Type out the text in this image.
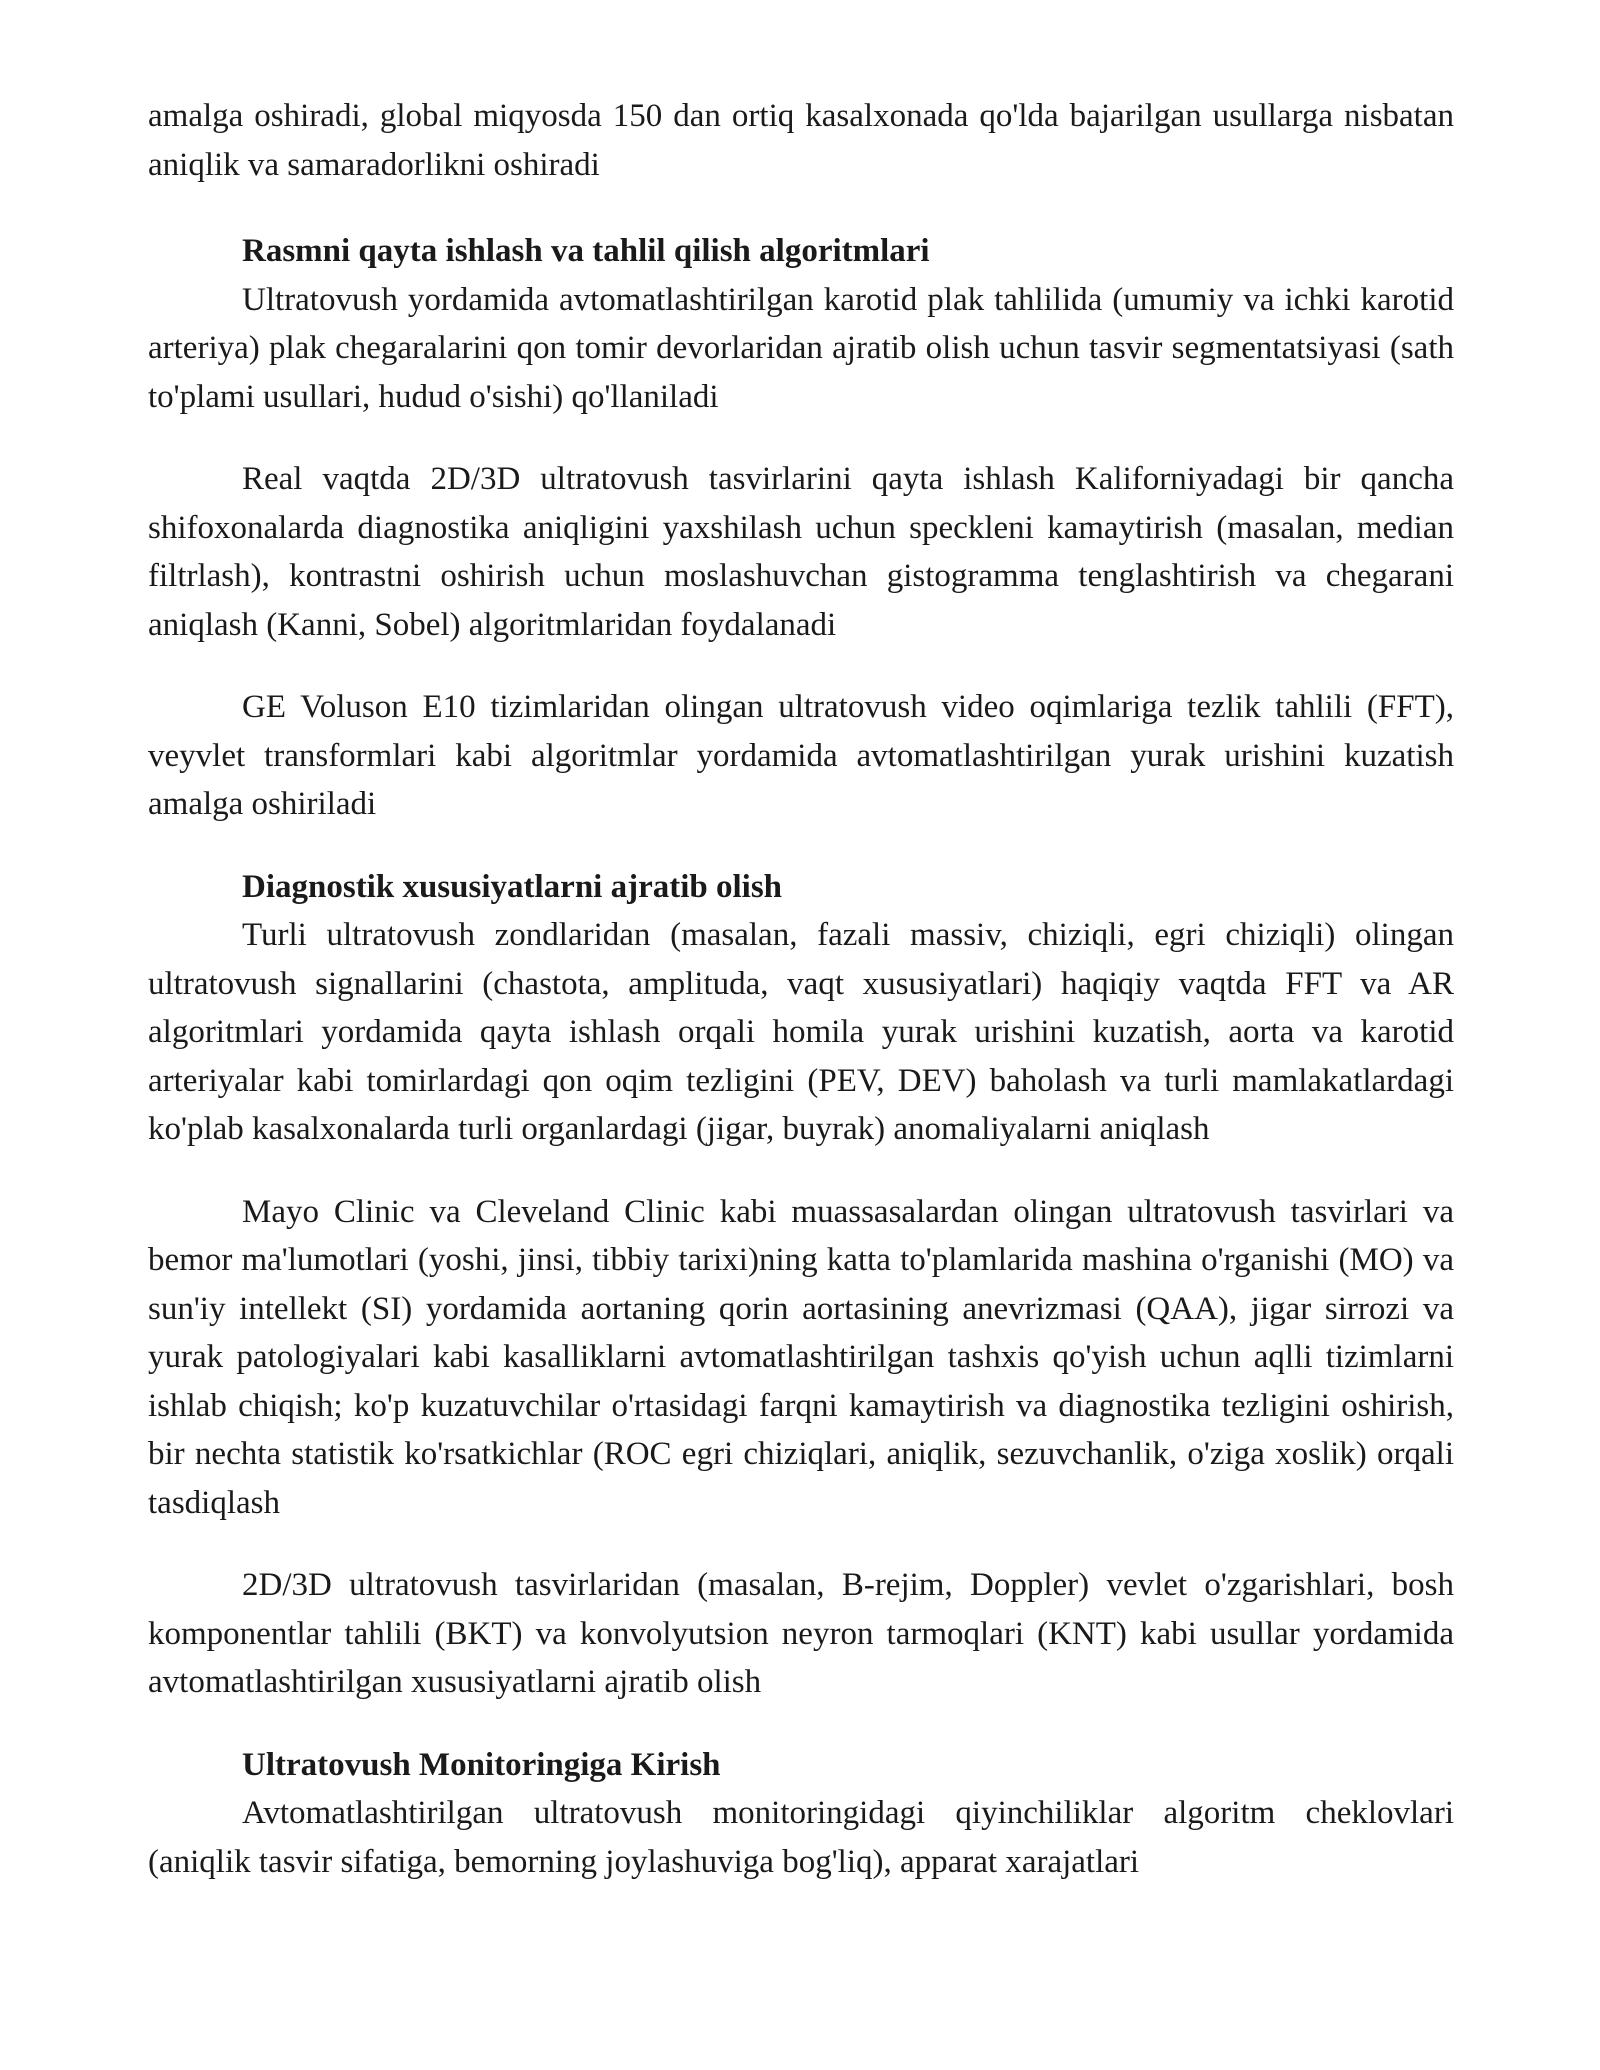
amalga oshiradi, global miqyosda 150 dan ortiq kasalxonada qo'lda bajarilgan usullarga nisbatan aniqlik va samaradorlikni oshiradi

Rasmni qayta ishlash va tahlil qilish algoritmlari

Ultratovush yordamida avtomatlashtirilgan karotid plak tahlilida (umumiy va ichki karotid arteriya) plak chegaralarini qon tomir devorlaridan ajratib olish uchun tasvir segmentatsiyasi (sath to'plami usullari, hudud o'sishi) qo'llaniladi

Real vaqtda 2D/3D ultratovush tasvirlarini qayta ishlash Kaliforniyadagi bir qancha shifoxonalarda diagnostika aniqligini yaxshilash uchun speckleni kamaytirish (masalan, median filtrlash), kontrastni oshirish uchun moslashuvchan gistogramma tenglashtirish va chegarani aniqlash (Kanni, Sobel) algoritmlaridan foydalanadi

GE Voluson E10 tizimlaridan olingan ultratovush video oqimlariga tezlik tahlili (FFT), veyvlet transformlari kabi algoritmlar yordamida avtomatlashtirilgan yurak urishini kuzatish amalga oshiriladi

Diagnostik xususiyatlarni ajratib olish

Turli ultratovush zondlaridan (masalan, fazali massiv, chiziqli, egri chiziqli) olingan ultratovush signallarini (chastota, amplituda, vaqt xususiyatlari) haqiqiy vaqtda FFT va AR algoritmlari yordamida qayta ishlash orqali homila yurak urishini kuzatish, aorta va karotid arteriyalar kabi tomirlardagi qon oqim tezligini (PEV, DEV) baholash va turli mamlakatlardagi ko'plab kasalxonalarda turli organlardagi (jigar, buyrak) anomaliyalarni aniqlash

Mayo Clinic va Cleveland Clinic kabi muassasalardan olingan ultratovush tasvirlari va bemor ma'lumotlari (yoshi, jinsi, tibbiy tarixi)ning katta to'plamlarida mashina o'rganishi (MO) va sun'iy intellekt (SI) yordamida aortaning qorin aortasining anevrizmasi (QAA), jigar sirrozi va yurak patologiyalari kabi kasalliklarni avtomatlashtirilgan tashxis qo'yish uchun aqlli tizimlarni ishlab chiqish; ko'p kuzatuvchilar o'rtasidagi farqni kamaytirish va diagnostika tezligini oshirish, bir nechta statistik ko'rsatkichlar (ROC egri chiziqlari, aniqlik, sezuvchanlik, o'ziga xoslik) orqali tasdiqlash

2D/3D ultratovush tasvirlaridan (masalan, B-rejim, Doppler) vevlet o'zgarishlari, bosh komponentlar tahlili (BKT) va konvolyutsion neyron tarmoqlari (KNT) kabi usullar yordamida avtomatlashtirilgan xususiyatlarni ajratib olish

Ultratovush Monitoringiga Kirish

Avtomatlashtirilgan ultratovush monitoringidagi qiyinchiliklar algoritm cheklovlari (aniqlik tasvir sifatiga, bemorning joylashuviga bog'liq), apparat xarajatlari
